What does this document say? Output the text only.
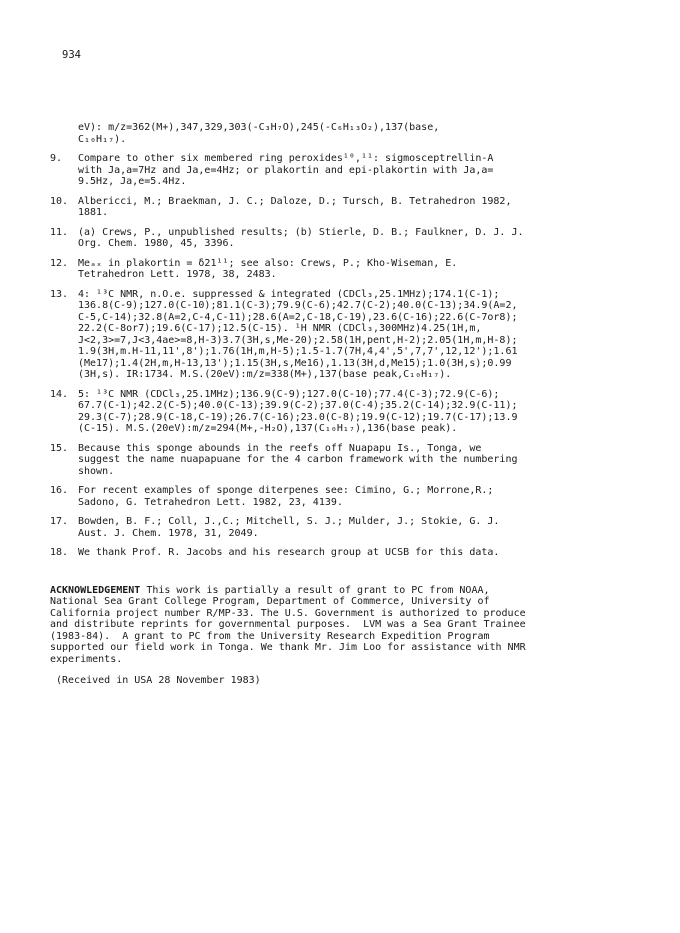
934
eV): m/z=362(M+),347,329,303(-C₃H₇O),245(-C₆H₁₃O₂),137(base,
C₁₀H₁₇).
9.	Compare to other six membered ring peroxides¹⁰,¹¹: sigmosceptrellin-A
with Ja,a=7Hz and Ja,e=4Hz; or plakortin and epi-plakortin with Ja,a=
9.5Hz, Ja,e=5.4Hz.
10. Albericci, M.; Braekman, J. C.; Daloze, D.; Tursch, B. Tetrahedron 1982,
1881.
11. (a) Crews, P., unpublished results; (b) Stierle, D. B.; Faulkner, D. J. J.
Org. Chem. 1980, 45, 3396.
12. Meₐₓ in plakortin = δ21¹¹; see also: Crews, P.; Kho-Wiseman, E.
Tetrahedron Lett. 1978, 38, 2483.
13. 4: ¹³C NMR, n.O.e. suppressed & integrated (CDCl₃,25.1MHz);174.1(C-1);
136.8(C-9);127.0(C-10);81.1(C-3);79.9(C-6);42.7(C-2);40.0(C-13);34.9(A=2,
C-5,C-14);32.8(A=2,C-4,C-11);28.6(A=2,C-18,C-19),23.6(C-16);22.6(C-7or8);
22.2(C-8or7);19.6(C-17);12.5(C-15). ¹H NMR (CDCl₃,300MHz)4.25(1H,m,
J<2,3>=7,J<3,4ae>=8,H-3)3.7(3H,s,Me-20);2.58(1H,pent,H-2);2.05(1H,m,H-8);
1.9(3H,m.H-11,11',8');1.76(1H,m,H-5);1.5-1.7(7H,4,4',5',7,7',12,12');1.61
(Me17);1.4(2H,m,H-13,13');1.15(3H,s,Me16),1.13(3H,d,Me15);1.0(3H,s);0.99
(3H,s). IR:1734. M.S.(20eV):m/z=338(M+),137(base peak,C₁₀H₁₇).
14. 5: ¹³C NMR (CDCl₃,25.1MHz);136.9(C-9);127.0(C-10);77.4(C-3);72.9(C-6);
67.7(C-1);42.2(C-5);40.0(C-13);39.9(C-2);37.0(C-4);35.2(C-14);32.9(C-11);
29.3(C-7);28.9(C-18,C-19);26.7(C-16);23.0(C-8);19.9(C-12);19.7(C-17);13.9
(C-15). M.S.(20eV):m/z=294(M+,-H₂O),137(C₁₀H₁₇),136(base peak).
15. Because this sponge abounds in the reefs off Nuapapu Is., Tonga, we
suggest the name nuapapuane for the 4 carbon framework with the numbering
shown.
16. For recent examples of sponge diterpenes see: Cimino, G.; Morrone,R.;
Sadono, G. Tetrahedron Lett. 1982, 23, 4139.
17. Bowden, B. F.; Coll, J.,C.; Mitchell, S. J.; Mulder, J.; Stokie, G. J.
Aust. J. Chem. 1978, 31, 2049.
18. We thank Prof. R. Jacobs and his research group at UCSB for this data.
ACKNOWLEDGEMENT This work is partially a result of grant to PC from NOAA,
National Sea Grant College Program, Department of Commerce, University of
California project number R/MP-33. The U.S. Government is authorized to produce
and distribute reprints for governmental purposes.  LVM was a Sea Grant Trainee
(1983-84).  A grant to PC from the University Research Expedition Program
supported our field work in Tonga. We thank Mr. Jim Loo for assistance with NMR
experiments.
(Received in USA 28 November 1983)
